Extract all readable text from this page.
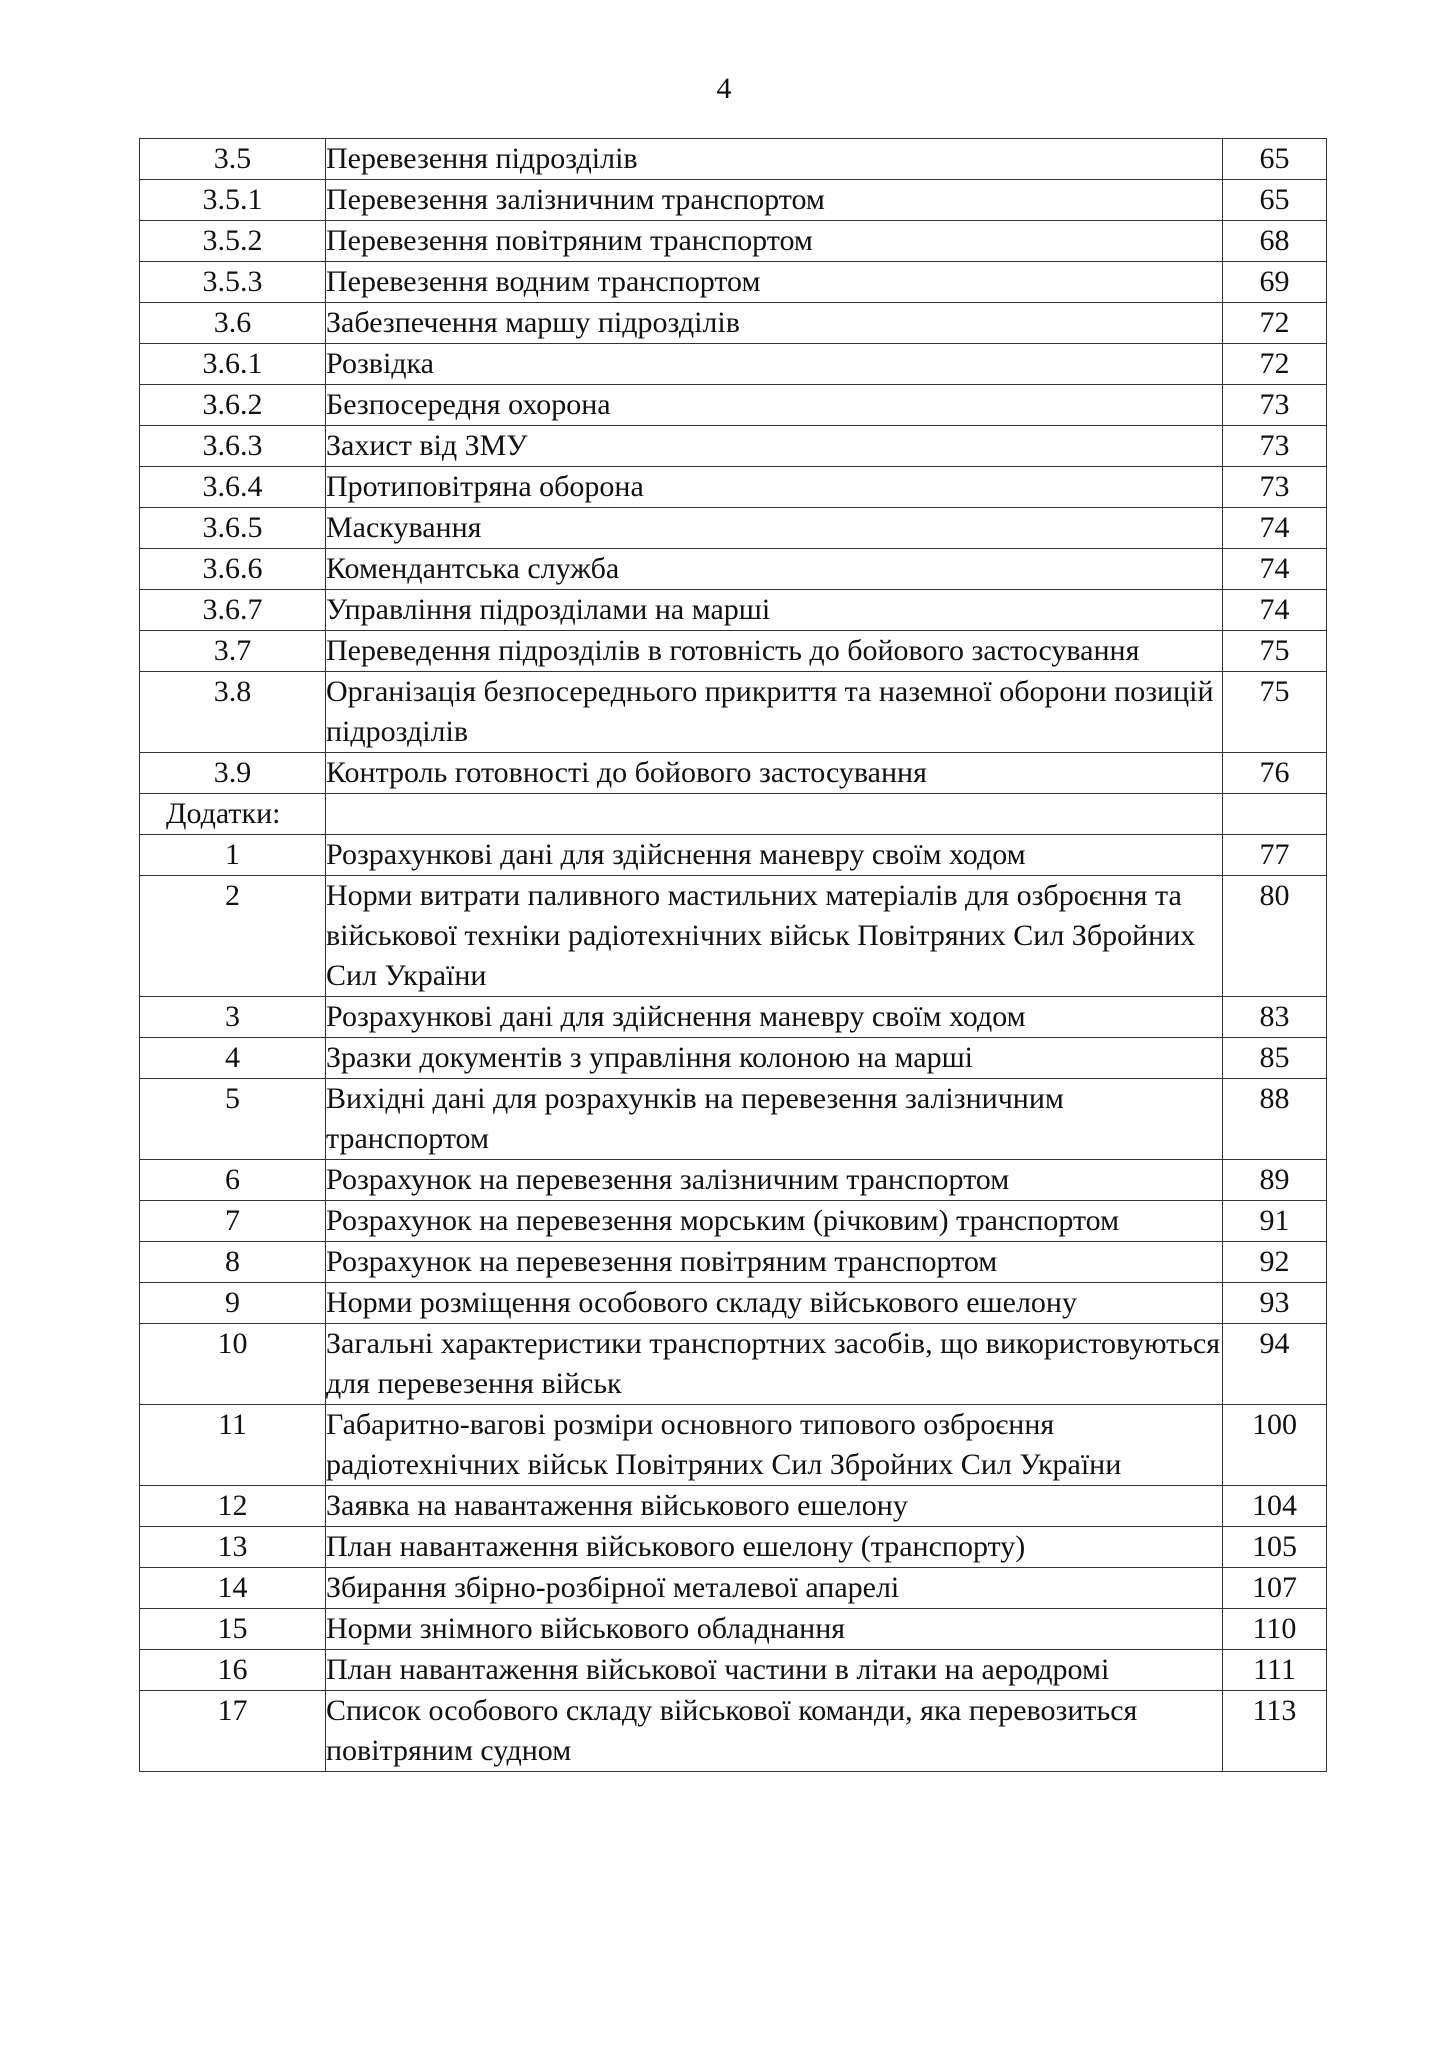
4
3.5	Перевезення підрозділів	65
3.5.1	Перевезення залізничним транспортом	65
3.5.2	Перевезення повітряним транспортом	68
3.5.3	Перевезення водним транспортом	69
3.6	Забезпечення маршу підрозділів	72
3.6.1	Розвідка	72
3.6.2	Безпосередня охорона	73
3.6.3	Захист від ЗМУ	73
3.6.4	Протиповітряна оборона	73
3.6.5	Маскування	74
3.6.6	Комендантська служба	74
3.6.7	Управління підрозділами на марші	74
3.7	Переведення підрозділів в готовність до бойового застосування	75
3.8	Організація безпосереднього прикриття та наземної оборони позицій підрозділів	75
3.9	Контроль готовності до бойового застосування	76
Додатки:		
1	Розрахункові дані для здійснення маневру своїм ходом	77
2	Норми витрати паливного мастильних матеріалів для озброєння та військової техніки радіотехнічних військ Повітряних Сил Збройних Сил України	80
3	Розрахункові дані для здійснення маневру своїм ходом	83
4	Зразки документів з управління колоною на марші	85
5	Вихідні дані для розрахунків на перевезення залізничним транспортом	88
6	Розрахунок на перевезення залізничним транспортом	89
7	Розрахунок на перевезення морським (річковим) транспортом	91
8	Розрахунок на перевезення повітряним транспортом	92
9	Норми розміщення особового складу військового ешелону	93
10	Загальні характеристики транспортних засобів, що використовуються для перевезення військ	94
11	Габаритно-вагові розміри основного типового озброєння радіотехнічних військ Повітряних Сил Збройних Сил України	100
12	Заявка на навантаження військового ешелону	104
13	План навантаження військового ешелону (транспорту)	105
14	Збирання збірно-розбірної металевої апарелі	107
15	Норми знімного військового обладнання	110
16	План навантаження військової частини в літаки на аеродромі	111
17	Список особового складу військової команди, яка перевозиться повітряним судном	113
